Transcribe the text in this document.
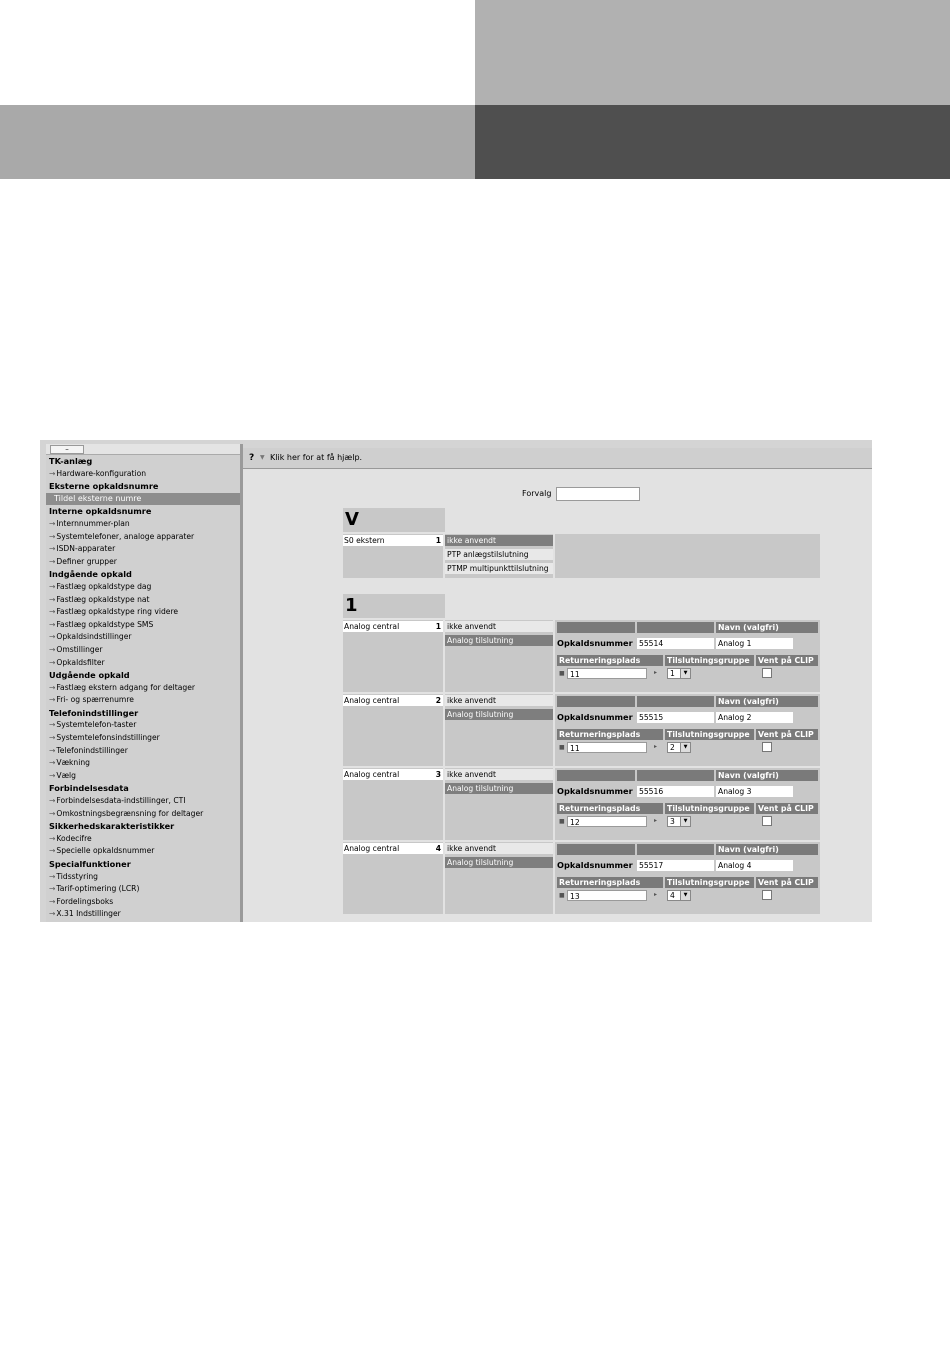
–
TK-anlæg
→Hardware-konfiguration
Eksterne opkaldsnumre
Tildel eksterne numre
Interne opkaldsnumre
→Internnummer-plan
→Systemtelefoner, analoge apparater
→ISDN-apparater
→Definer grupper
Indgående opkald
→Fastlæg opkaldstype dag
→Fastlæg opkaldstype nat
→Fastlæg opkaldstype ring videre
→Fastlæg opkaldstype SMS
→Opkaldsindstillinger
→Omstillinger
→Opkaldsfilter
Udgående opkald
→Fastlæg ekstern adgang for deltager
→Fri- og spærrenumre
Telefonindstillinger
→Systemtelefon-taster
→Systemtelefonsindstillinger
→Telefonindstillinger
→Vækning
→Vælg
Forbindelsesdata
→Forbindelsesdata-indstillinger, CTI
→Omkostningsbegrænsning for deltager
Sikkerhedskarakteristikker
→Kodecifre
→Specielle opkaldsnummer
Specialfunktioner
→Tidsstyring
→Tarif-optimering (LCR)
→Fordelingsboks
→X.31 Indstillinger
? ▼ Klik her for at få hjælp.
Forvalg
V
S0 ekstern	1 ikke anvendt
PTP anlægstilslutning
PTMP multipunkttilslutning
1
Analog central	1 ikke anvendt
Analog tilslutning
Navn (valgfri)
Opkaldsnummer 55514	Analog 1
Returneringsplads	Tilslutningsgruppe	Vent på CLIP
■ 11	▸	1	▼
Analog central	2 ikke anvendt
Analog tilslutning
Navn (valgfri)
Opkaldsnummer 55515	Analog 2
Returneringsplads	Tilslutningsgruppe	Vent på CLIP
■ 11	▸	2	▼
Analog central	3 ikke anvendt
Analog tilslutning
Navn (valgfri)
Opkaldsnummer 55516	Analog 3
Returneringsplads	Tilslutningsgruppe	Vent på CLIP
■ 12	▸	3	▼
Analog central	4 ikke anvendt
Analog tilslutning
Navn (valgfri)
Opkaldsnummer 55517	Analog 4
Returneringsplads	Tilslutningsgruppe	Vent på CLIP
■ 13	▸	4	▼
